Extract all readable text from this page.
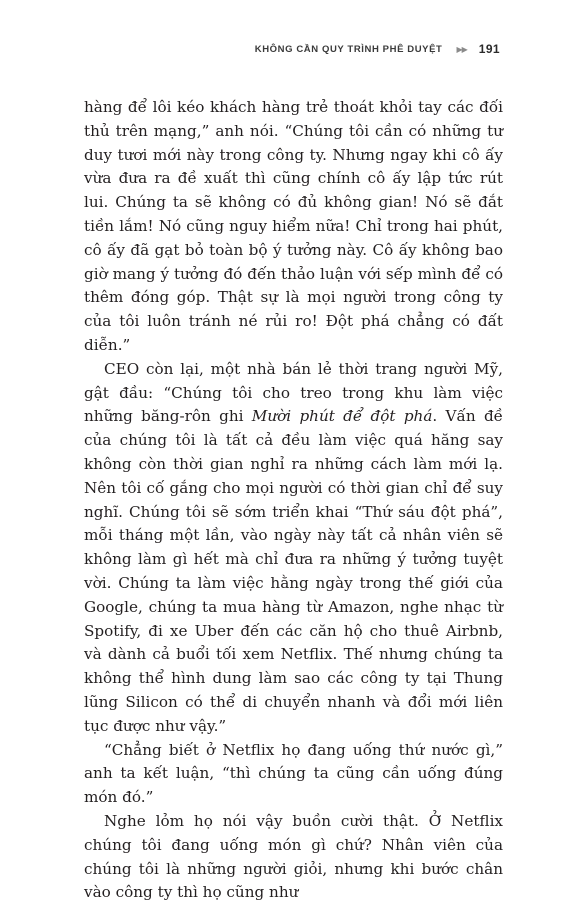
KHÔNG CẦN QUY TRÌNH PHÊ DUYỆT ▶▶ 191

hàng để lôi kéo khách hàng trẻ thoát khỏi tay các đối thủ trên mạng,” anh nói. “Chúng tôi cần có những tư duy tươi mới này trong công ty. Nhưng ngay khi cô ấy vừa đưa ra đề xuất thì cũng chính cô ấy lập tức rút lui. Chúng ta sẽ không có đủ không gian! Nó sẽ đắt tiền lắm! Nó cũng nguy hiểm nữa! Chỉ trong hai phút, cô ấy đã gạt bỏ toàn bộ ý tưởng này. Cô ấy không bao giờ mang ý tưởng đó đến thảo luận với sếp mình để có thêm đóng góp. Thật sự là mọi người trong công ty của tôi luôn tránh né rủi ro! Đột phá chẳng có đất diễn.”

CEO còn lại, một nhà bán lẻ thời trang người Mỹ, gật đầu: “Chúng tôi cho treo trong khu làm việc những băng-rôn ghi Mười phút để đột phá. Vấn đề của chúng tôi là tất cả đều làm việc quá hăng say không còn thời gian nghỉ ra những cách làm mới lạ. Nên tôi cố gắng cho mọi người có thời gian chỉ để suy nghĩ. Chúng tôi sẽ sớm triển khai “Thứ sáu đột phá”, mỗi tháng một lần, vào ngày này tất cả nhân viên sẽ không làm gì hết mà chỉ đưa ra những ý tưởng tuyệt vời. Chúng ta làm việc hằng ngày trong thế giới của Google, chúng ta mua hàng từ Amazon, nghe nhạc từ Spotify, đi xe Uber đến các căn hộ cho thuê Airbnb, và dành cả buổi tối xem Netflix. Thế nhưng chúng ta không thể hình dung làm sao các công ty tại Thung lũng Silicon có thể di chuyển nhanh và đổi mới liên tục được như vậy.”

“Chẳng biết ở Netflix họ đang uống thứ nước gì,” anh ta kết luận, “thì chúng ta cũng cần uống đúng món đó.”

Nghe lỏm họ nói vậy buồn cười thật. Ở Netflix chúng tôi đang uống món gì chứ? Nhân viên của chúng tôi là những người giỏi, nhưng khi bước chân vào công ty thì họ cũng như
